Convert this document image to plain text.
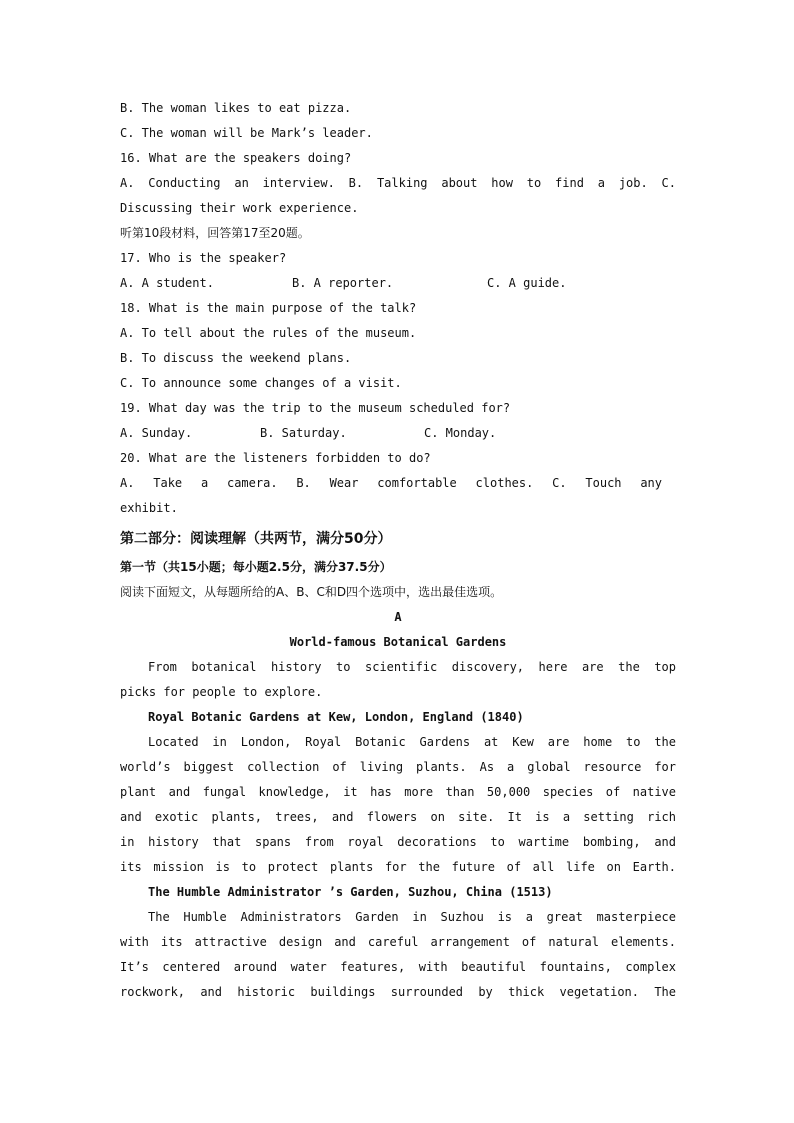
B. The woman likes to eat pizza.
C. The woman will be Mark’s leader.
16. What are the speakers doing?
A. Conducting an interview. B. Talking about how to find a job. C.
Discussing their work experience.
听第10段材料，回答第17至20题。
17. Who is the speaker?
A. A student.	B. A reporter.	C. A guide.
18. What is the main purpose of the talk?
A. To tell about the rules of the museum.
B. To discuss the weekend plans.
C. To announce some changes of a visit.
19. What day was the trip to the museum scheduled for?
A. Sunday.	B. Saturday.	C. Monday.
20. What are the listeners forbidden to do?
A. Take a camera. B. Wear comfortable clothes. C. Touch any
exhibit.
第二部分：阅读理解（共两节，满分50分）
第一节（共15小题；每小题2.5分，满分37.5分）
阅读下面短文，从每题所给的A、B、C和D四个选项中，选出最佳选项。
A
World-famous Botanical Gardens
From botanical history to scientific discovery, here are the top
picks for people to explore.
Royal Botanic Gardens at Kew, London, England (1840)
Located in London, Royal Botanic Gardens at Kew are home to the
world’s biggest collection of living plants. As a global resource for
plant and fungal knowledge, it has more than 50,000 species of native
and exotic plants, trees, and flowers on site. It is a setting rich
in history that spans from royal decorations to wartime bombing, and
its mission is to protect plants for the future of all life on Earth.
The Humble Administrator ’s Garden, Suzhou, China (1513)
The Humble Administrators Garden in Suzhou is a great masterpiece
with its attractive design and careful arrangement of natural elements.
It’s centered around water features, with beautiful fountains, complex
rockwork, and historic buildings surrounded by thick vegetation. The
